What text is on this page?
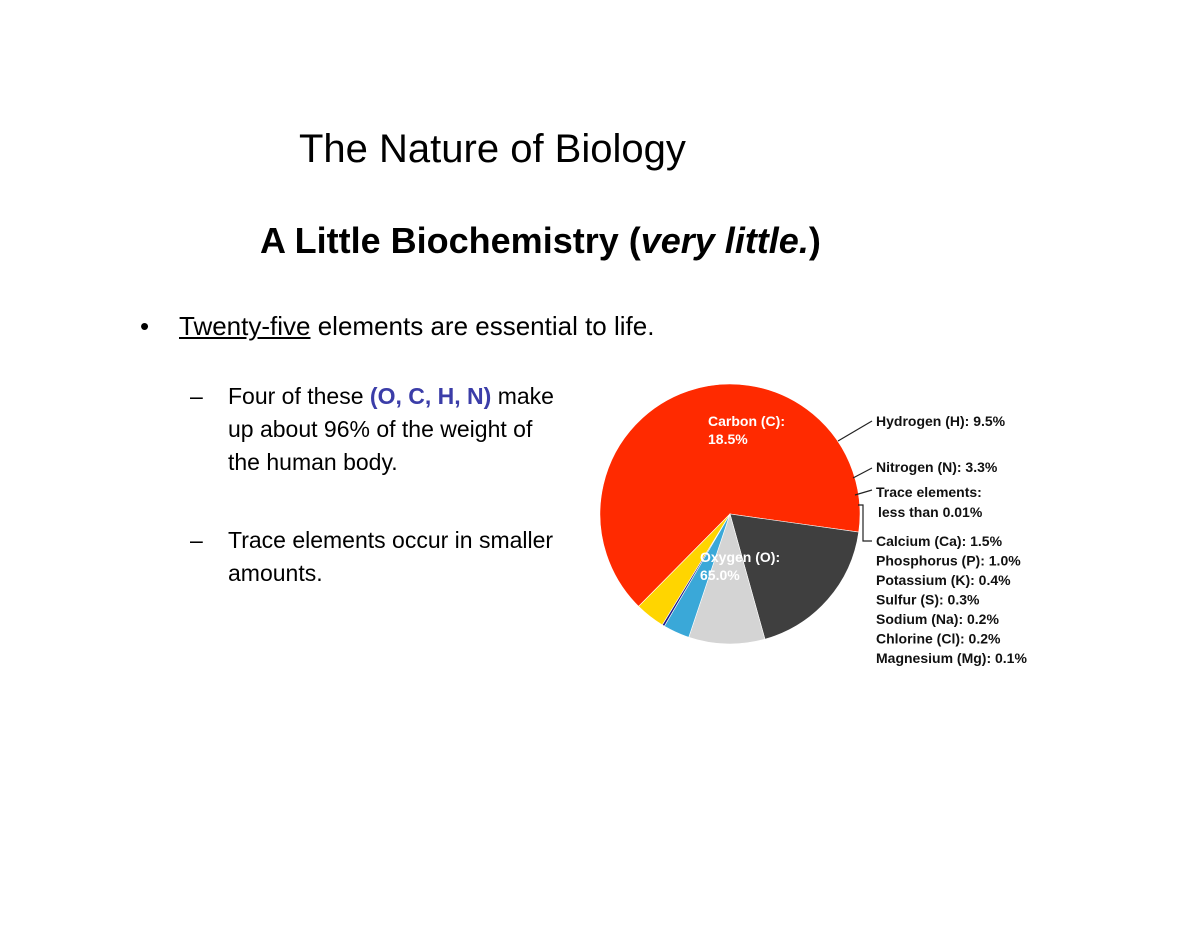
The Nature of Biology
A Little Biochemistry (very little.)
• Twenty-five elements are essential to life.
– Four of these (O, C, H, N) make up about 96% of the weight of the human body.
– Trace elements occur in smaller amounts.
Carbon (C):
18.5%
Oxygen (O):
65.0%
Hydrogen (H): 9.5%
Nitrogen (N): 3.3%
Trace elements:
less than 0.01%
Calcium (Ca): 1.5%
Phosphorus (P): 1.0%
Potassium (K): 0.4%
Sulfur (S): 0.3%
Sodium (Na): 0.2%
Chlorine (Cl): 0.2%
Magnesium (Mg): 0.1%
